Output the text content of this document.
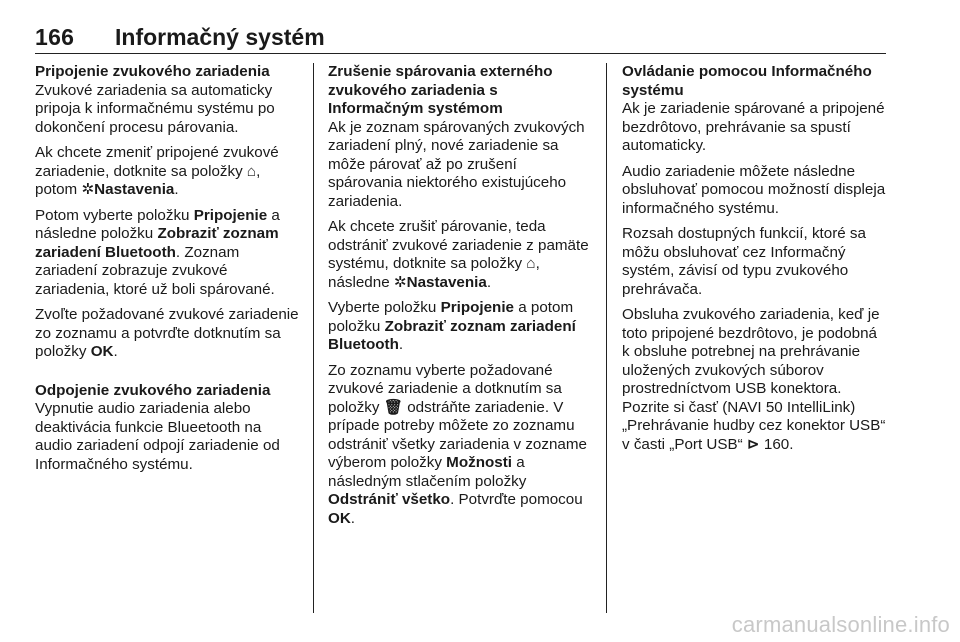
166 Informačný systém

Pripojenie zvukového zariadenia

Zvukové zariadenia sa automaticky pripoja k informačnému systému po dokončení procesu párovania.

Ak chcete zmeniť pripojené zvukové zariadenie, dotknite sa položky ⌂, potom ✲Nastavenia.

Potom vyberte položku Pripojenie a následne položku Zobraziť zoznam zariadení Bluetooth. Zoznam zariadení zobrazuje zvukové zariadenia, ktoré už boli spárované.

Zvoľte požadované zvukové zariadenie zo zoznamu a potvrďte dotknutím sa položky OK.

Odpojenie zvukového zariadenia

Vypnutie audio zariadenia alebo deaktivácia funkcie Blueetooth na audio zariadení odpojí zariadenie od Informačného systému.

Zrušenie spárovania externého zvukového zariadenia s Informačným systémom

Ak je zoznam spárovaných zvukových zariadení plný, nové zariadenie sa môže párovať až po zrušení spárovania niektorého existujúceho zariadenia.

Ak chcete zrušiť párovanie, teda odstrániť zvukové zariadenie z pamäte systému, dotknite sa položky ⌂, následne ✲Nastavenia.

Vyberte položku Pripojenie a potom položku Zobraziť zoznam zariadení Bluetooth.

Zo zoznamu vyberte požadované zvukové zariadenie a dotknutím sa položky 🗑 odstráňte zariadenie. V prípade potreby môžete zo zoznamu odstrániť všetky zariadenia v zozname výberom položky Možnosti a následným stlačením položky Odstrániť všetko. Potvrďte pomocou OK.

Ovládanie pomocou Informačného systému

Ak je zariadenie spárované a pripojené bezdrôtovo, prehrávanie sa spustí automaticky.

Audio zariadenie môžete následne obsluhovať pomocou možností displeja informačného systému.

Rozsah dostupných funkcií, ktoré sa môžu obsluhovať cez Informačný systém, závisí od typu zvukového prehrávača.

Obsluha zvukového zariadenia, keď je toto pripojené bezdrôtovo, je podobná k obsluhe potrebnej na prehrávanie uložených zvukových súborov prostredníctvom USB konektora. Pozrite si časť (NAVI 50 IntelliLink) „Prehrávanie hudby cez konektor USB“ v časti „Port USB“ ⊳ 160.

carmanualsonline.info
